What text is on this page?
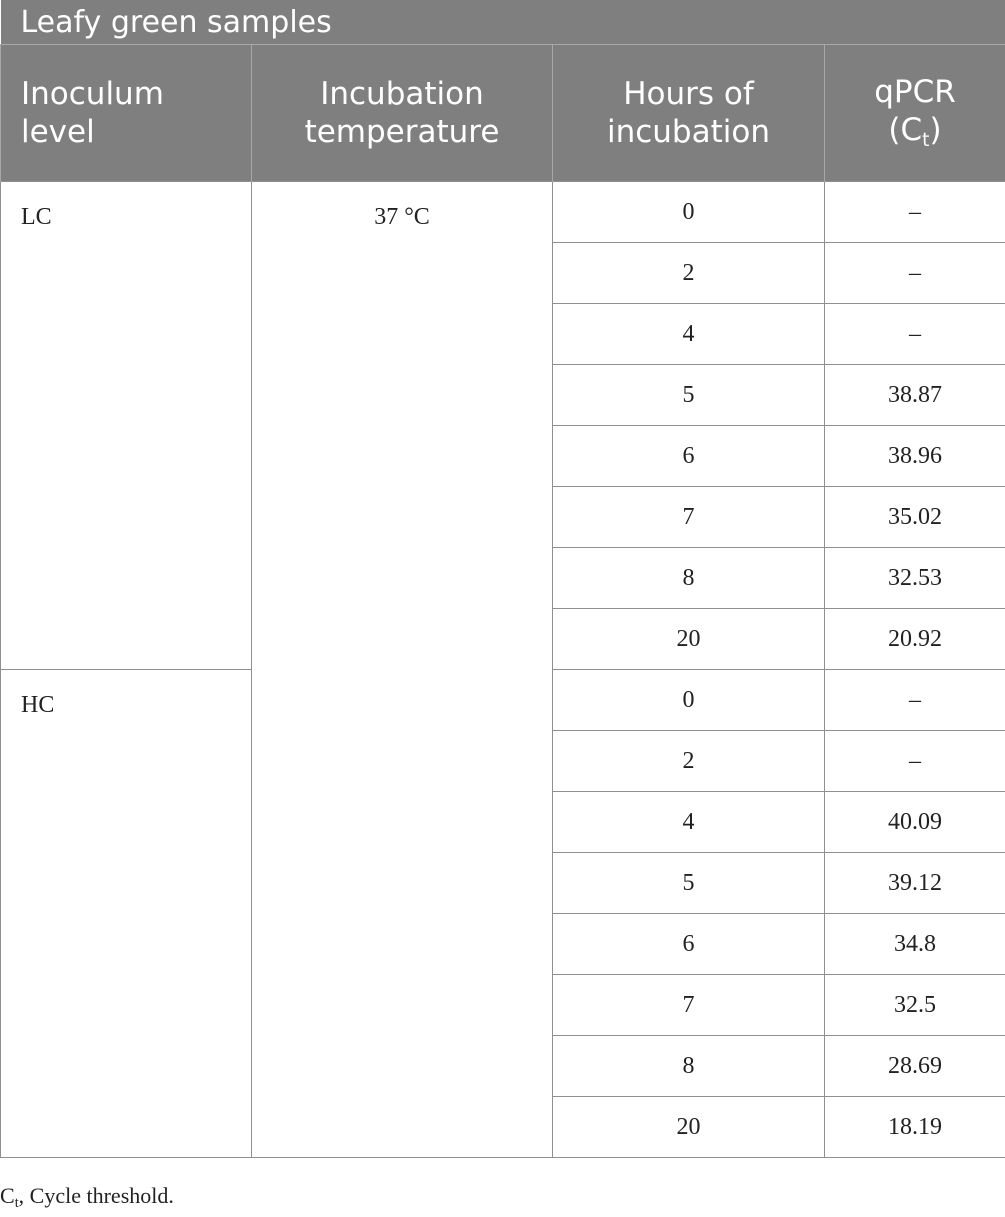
Leafy green samples			
Inoculum level	Incubation temperature	Hours of incubation	qPCR
$(C_t)$
LC	37 °C	0	–
		2	–
		4	–
		5	38.87
		6	38.96
		7	35.02
		8	32.53
		20	20.92
HC		0	–
		2	–
		4	40.09
		5	39.12
		6	34.8
		7	32.5
		8	28.69
		20	18.19
Ct, Cycle threshold.
